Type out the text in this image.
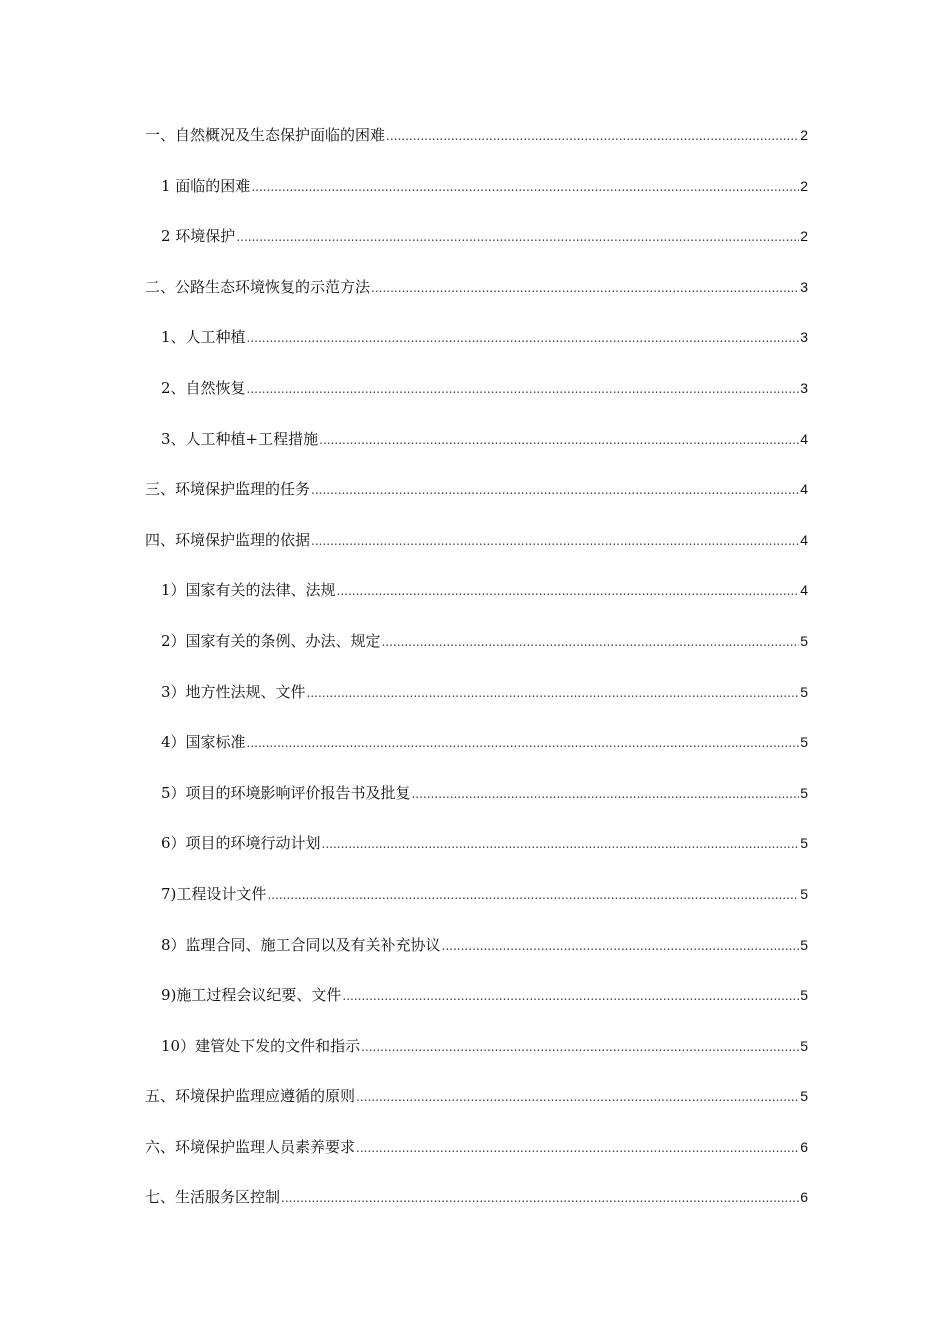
一、自然概况及生态保护面临的困难 .....	2
1 面临的困难 .....	2
2 环境保护 .....	2
二、公路生态环境恢复的示范方法 .....	3
1、人工种植 .....	3
2、自然恢复 .....	3
3、人工种植+工程措施 .....	4
三、环境保护监理的任务 .....	4
四、环境保护监理的依据 .....	4
1）国家有关的法律、法规 .....	4
2）国家有关的条例、办法、规定 .....	5
3）地方性法规、文件 .....	5
4）国家标准 .....	5
5）项目的环境影响评价报告书及批复 .....	5
6）项目的环境行动计划 .....	5
7)工程设计文件 .....	5
8）监理合同、施工合同以及有关补充协议 .....	5
9)施工过程会议纪要、文件 .....	5
10）建管处下发的文件和指示 .....	5
五、环境保护监理应遵循的原则 .....	5
六、环境保护监理人员素养要求 .....	6
七、生活服务区控制 .....	6
